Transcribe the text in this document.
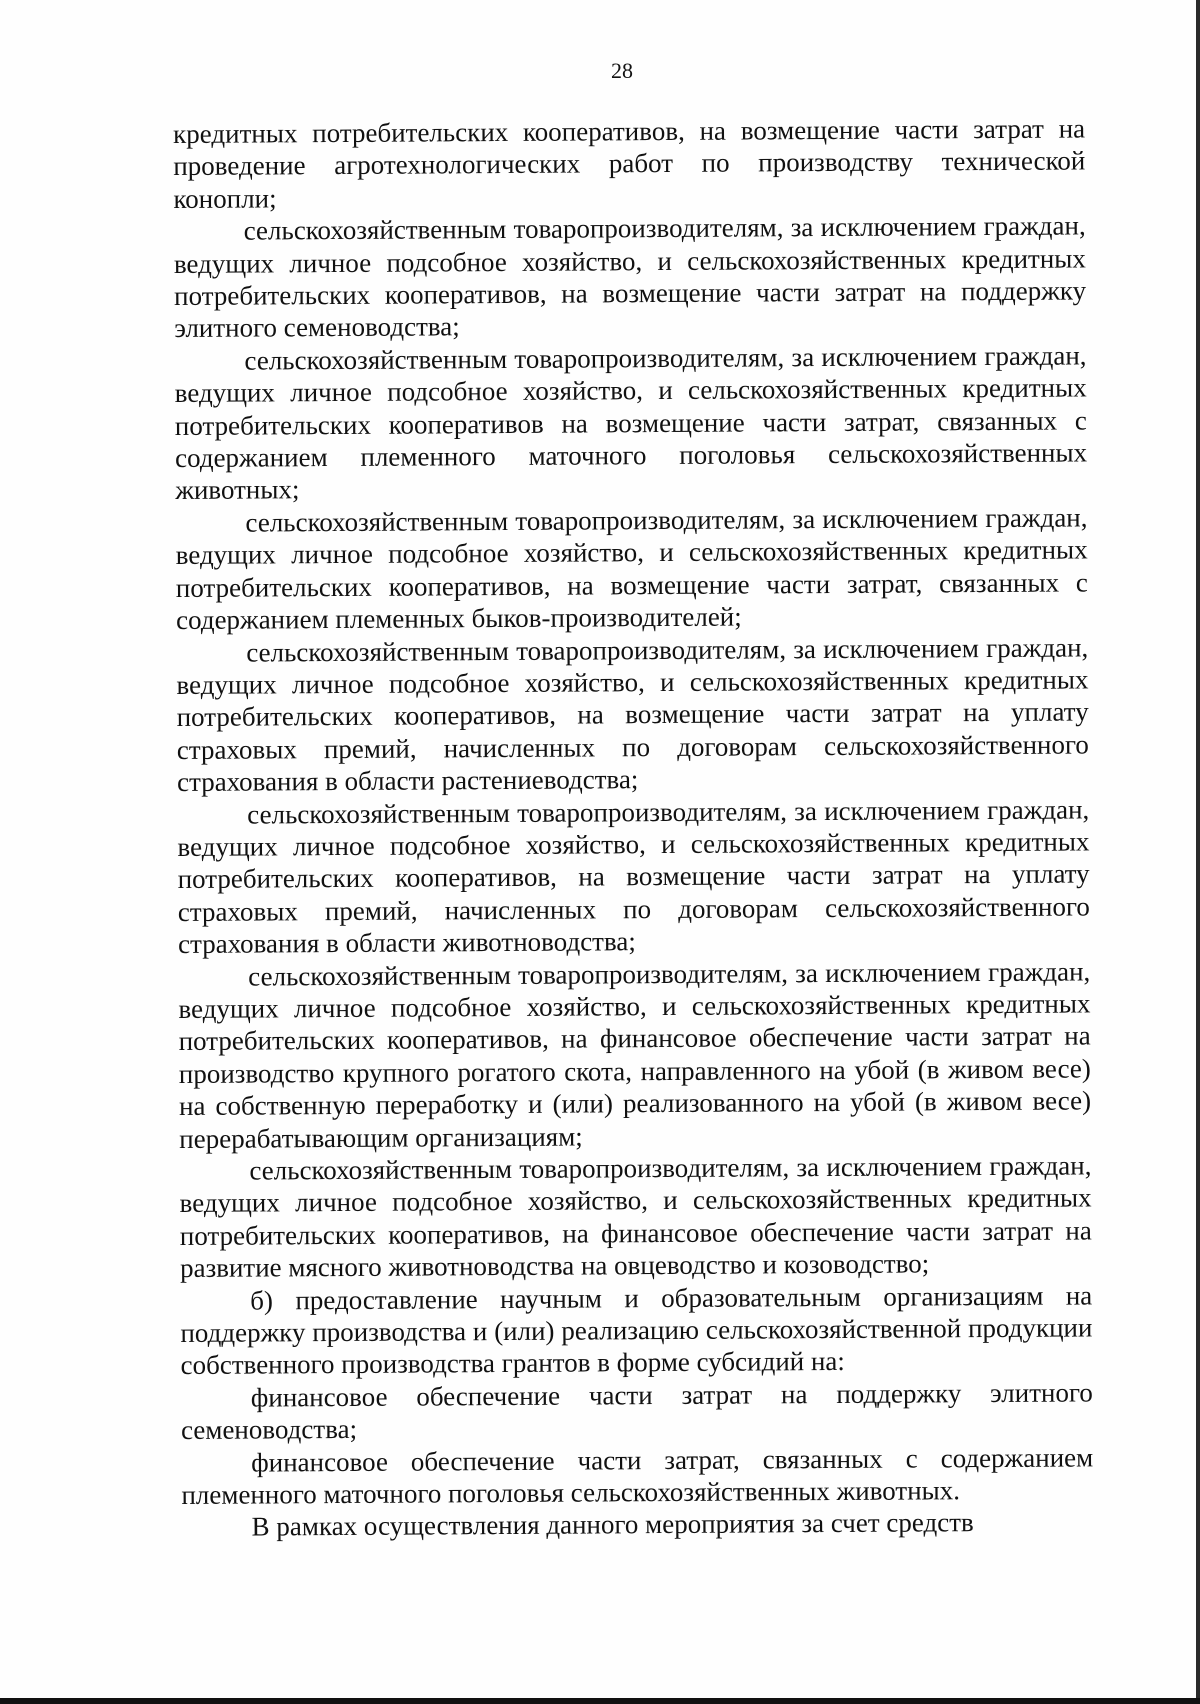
28

кредитных потребительских кооперативов, на возмещение части затрат на проведение агротехнологических работ по производству технической конопли;

сельскохозяйственным товаропроизводителям, за исключением граждан, ведущих личное подсобное хозяйство, и сельскохозяйственных кредитных потребительских кооперативов, на возмещение части затрат на поддержку элитного семеноводства;

сельскохозяйственным товаропроизводителям, за исключением граждан, ведущих личное подсобное хозяйство, и сельскохозяйственных кредитных потребительских кооперативов на возмещение части затрат, связанных с содержанием племенного маточного поголовья сельскохозяйственных животных;

сельскохозяйственным товаропроизводителям, за исключением граждан, ведущих личное подсобное хозяйство, и сельскохозяйственных кредитных потребительских кооперативов, на возмещение части затрат, связанных с содержанием племенных быков-производителей;

сельскохозяйственным товаропроизводителям, за исключением граждан, ведущих личное подсобное хозяйство, и сельскохозяйственных кредитных потребительских кооперативов, на возмещение части затрат на уплату страховых премий, начисленных по договорам сельскохозяйственного страхования в области растениеводства;

сельскохозяйственным товаропроизводителям, за исключением граждан, ведущих личное подсобное хозяйство, и сельскохозяйственных кредитных потребительских кооперативов, на возмещение части затрат на уплату страховых премий, начисленных по договорам сельскохозяйственного страхования в области животноводства;

сельскохозяйственным товаропроизводителям, за исключением граждан, ведущих личное подсобное хозяйство, и сельскохозяйственных кредитных потребительских кооперативов, на финансовое обеспечение части затрат на производство крупного рогатого скота, направленного на убой (в живом весе) на собственную переработку и (или) реализованного на убой (в живом весе) перерабатывающим организациям;

сельскохозяйственным товаропроизводителям, за исключением граждан, ведущих личное подсобное хозяйство, и сельскохозяйственных кредитных потребительских кооперативов, на финансовое обеспечение части затрат на развитие мясного животноводства на овцеводство и козоводство;

б) предоставление научным и образовательным организациям на поддержку производства и (или) реализацию сельскохозяйственной продукции собственного производства грантов в форме субсидий на:

финансовое обеспечение части затрат на поддержку элитного семеноводства;

финансовое обеспечение части затрат, связанных с содержанием племенного маточного поголовья сельскохозяйственных животных.

В рамках осуществления данного мероприятия за счет средств
